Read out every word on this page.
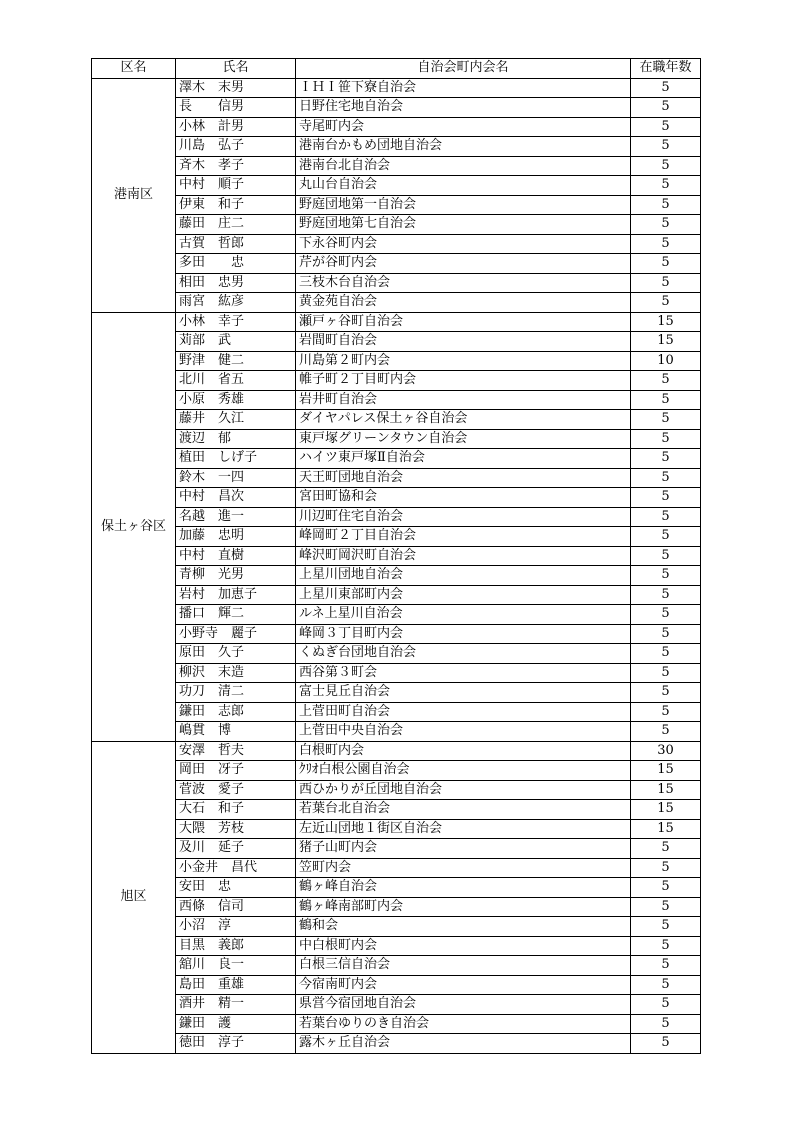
区名	氏名	自治会町内会名	在職年数
港南区	澤木　末男	ＩＨＩ笹下寮自治会	5
	長　　信男	日野住宅地自治会	5
	小林　計男	寺尾町内会	5
	川島　弘子	港南台かもめ団地自治会	5
	斉木　孝子	港南台北自治会	5
	中村　順子	丸山台自治会	5
	伊東　和子	野庭団地第一自治会	5
	藤田　庄二	野庭団地第七自治会	5
	古賀　哲郎	下永谷町内会	5
	多田　　忠	芹が谷町内会	5
	相田　忠男	三枝木台自治会	5
	雨宮　紘彦	黄金苑自治会	5
保土ヶ谷区	小林　幸子	瀬戸ヶ谷町自治会	15
	苅部　武	岩間町自治会	15
	野津　健二	川島第２町内会	10
	北川　省五	帷子町２丁目町内会	5
	小原　秀雄	岩井町自治会	5
	藤井　久江	ダイヤパレス保土ヶ谷自治会	5
	渡辺　郁	東戸塚グリーンタウン自治会	5
	植田　しげ子	ハイツ東戸塚Ⅱ自治会	5
	鈴木　一四	天王町団地自治会	5
	中村　昌次	宮田町協和会	5
	名越　進一	川辺町住宅自治会	5
	加藤　忠明	峰岡町２丁目自治会	5
	中村　直樹	峰沢町岡沢町自治会	5
	青柳　光男	上星川団地自治会	5
	岩村　加恵子	上星川東部町内会	5
	播口　輝二	ルネ上星川自治会	5
	小野寺　麗子	峰岡３丁目町内会	5
	原田　久子	くぬぎ台団地自治会	5
	柳沢　末造	西谷第３町会	5
	功刀　清二	富士見丘自治会	5
	鎌田　志郎	上菅田町自治会	5
	嶋貫　博	上菅田中央自治会	5
旭区	安澤　哲夫	白根町内会	30
	岡田　冴子	ｸﾘｵ白根公園自治会	15
	菅波　愛子	西ひかりが丘団地自治会	15
	大石　和子	若葉台北自治会	15
	大隈　芳枝	左近山団地１街区自治会	15
	及川　延子	猪子山町内会	5
	小金井　昌代	笠町内会	5
	安田　忠	鶴ヶ峰自治会	5
	西條　信司	鶴ヶ峰南部町内会	5
	小沼　淳	鶴和会	5
	目黒　義郎	中白根町内会	5
	舘川　良一	白根三信自治会	5
	島田　重雄	今宿南町内会	5
	酒井　精一	県営今宿団地自治会	5
	鎌田　護	若葉台ゆりのき自治会	5
	徳田　淳子	露木ヶ丘自治会	5
